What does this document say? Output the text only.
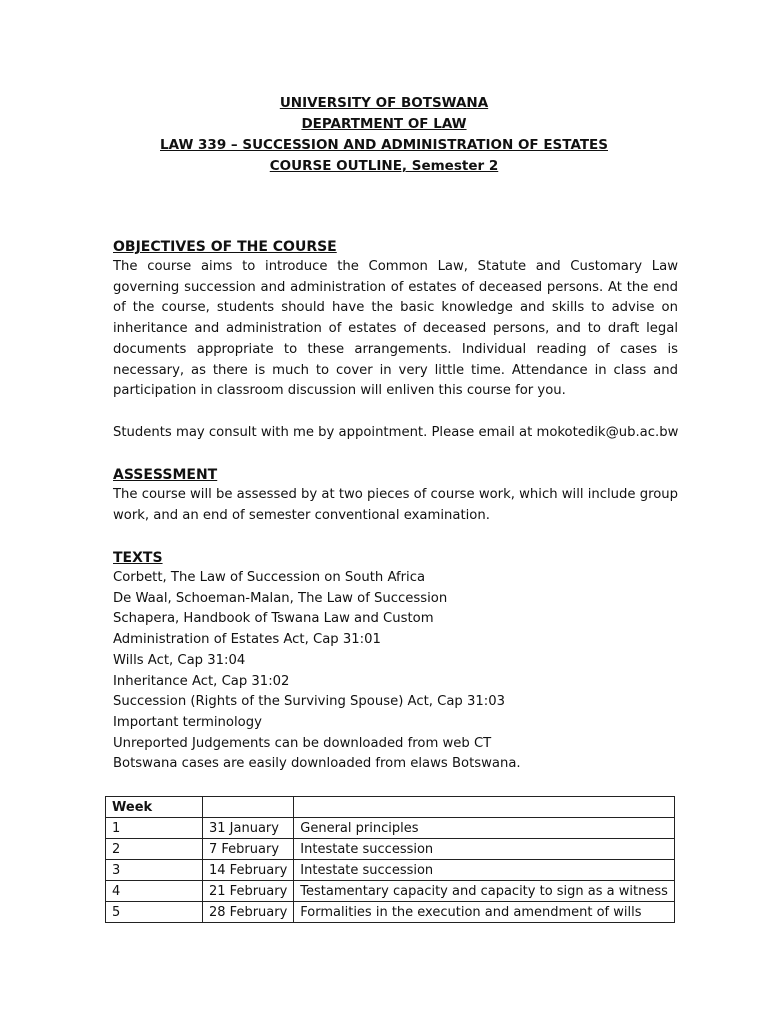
UNIVERSITY OF BOTSWANA
DEPARTMENT OF LAW
LAW 339 – SUCCESSION AND ADMINISTRATION OF ESTATES
COURSE OUTLINE, Semester 2
OBJECTIVES OF THE COURSE
The course aims to introduce the Common Law, Statute and Customary Law governing succession and administration of estates of deceased persons. At the end of the course, students should have the basic knowledge and skills to advise on inheritance and administration of estates of deceased persons, and to draft legal documents appropriate to these arrangements. Individual reading of cases is necessary, as there is much to cover in very little time. Attendance in class and participation in classroom discussion will enliven this course for you.
Students may consult with me by appointment. Please email at mokotedik@ub.ac.bw
ASSESSMENT
The course will be assessed by at two pieces of course work, which will include group work, and an end of semester conventional examination.
TEXTS
Corbett, The Law of Succession on South Africa
De Waal, Schoeman-Malan, The Law of Succession
Schapera, Handbook of Tswana Law and Custom
Administration of Estates Act, Cap 31:01
Wills Act, Cap 31:04
Inheritance Act, Cap 31:02
Succession (Rights of the Surviving Spouse) Act, Cap 31:03
Important terminology
Unreported Judgements can be downloaded from web CT
Botswana cases are easily downloaded from elaws Botswana.
Week		
1	31 January	General principles
2	7 February	Intestate succession
3	14 February	Intestate succession
4	21 February	Testamentary capacity and capacity to sign as a witness
5	28 February	Formalities in the execution and amendment of wills
